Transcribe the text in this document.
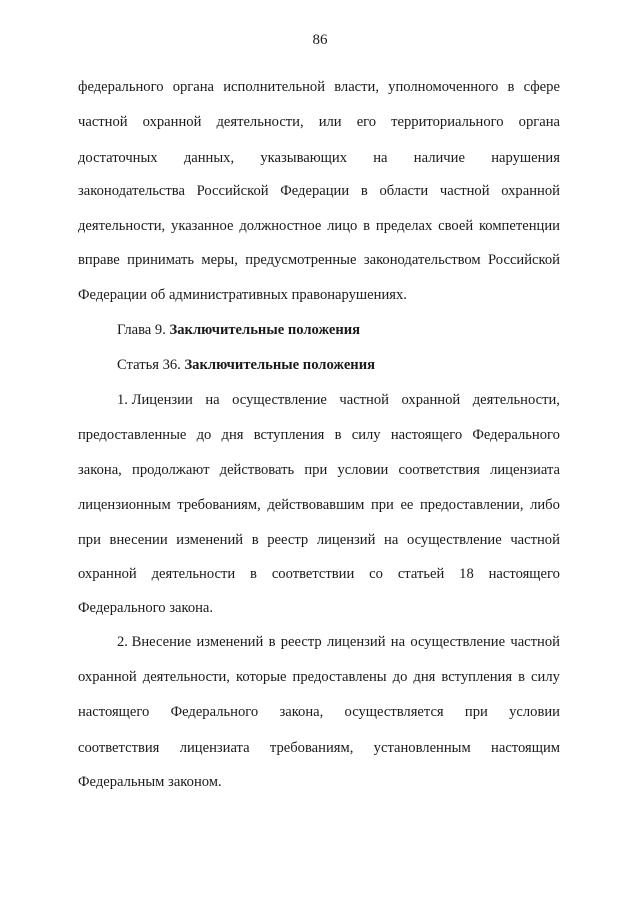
86
федерального органа исполнительной власти, уполномоченного в сфере
частной охранной деятельности, или его территориального органа
достаточных данных, указывающих на наличие нарушения
законодательства Российской Федерации в области частной охранной
деятельности, указанное должностное лицо в пределах своей компетенции
вправе принимать меры, предусмотренные законодательством Российской
Федерации об административных правонарушениях.
Глава 9. Заключительные положения
Статья 36. Заключительные положения
1. Лицензии на осуществление частной охранной деятельности,
предоставленные до дня вступления в силу настоящего Федерального
закона, продолжают действовать при условии соответствия лицензиата
лицензионным требованиям, действовавшим при ее предоставлении, либо
при внесении изменений в реестр лицензий на осуществление частной
охранной деятельности в соответствии со статьей 18 настоящего
Федерального закона.
2. Внесение изменений в реестр лицензий на осуществление частной
охранной деятельности, которые предоставлены до дня вступления в силу
настоящего Федерального закона, осуществляется при условии
соответствия лицензиата требованиям, установленным настоящим
Федеральным законом.
